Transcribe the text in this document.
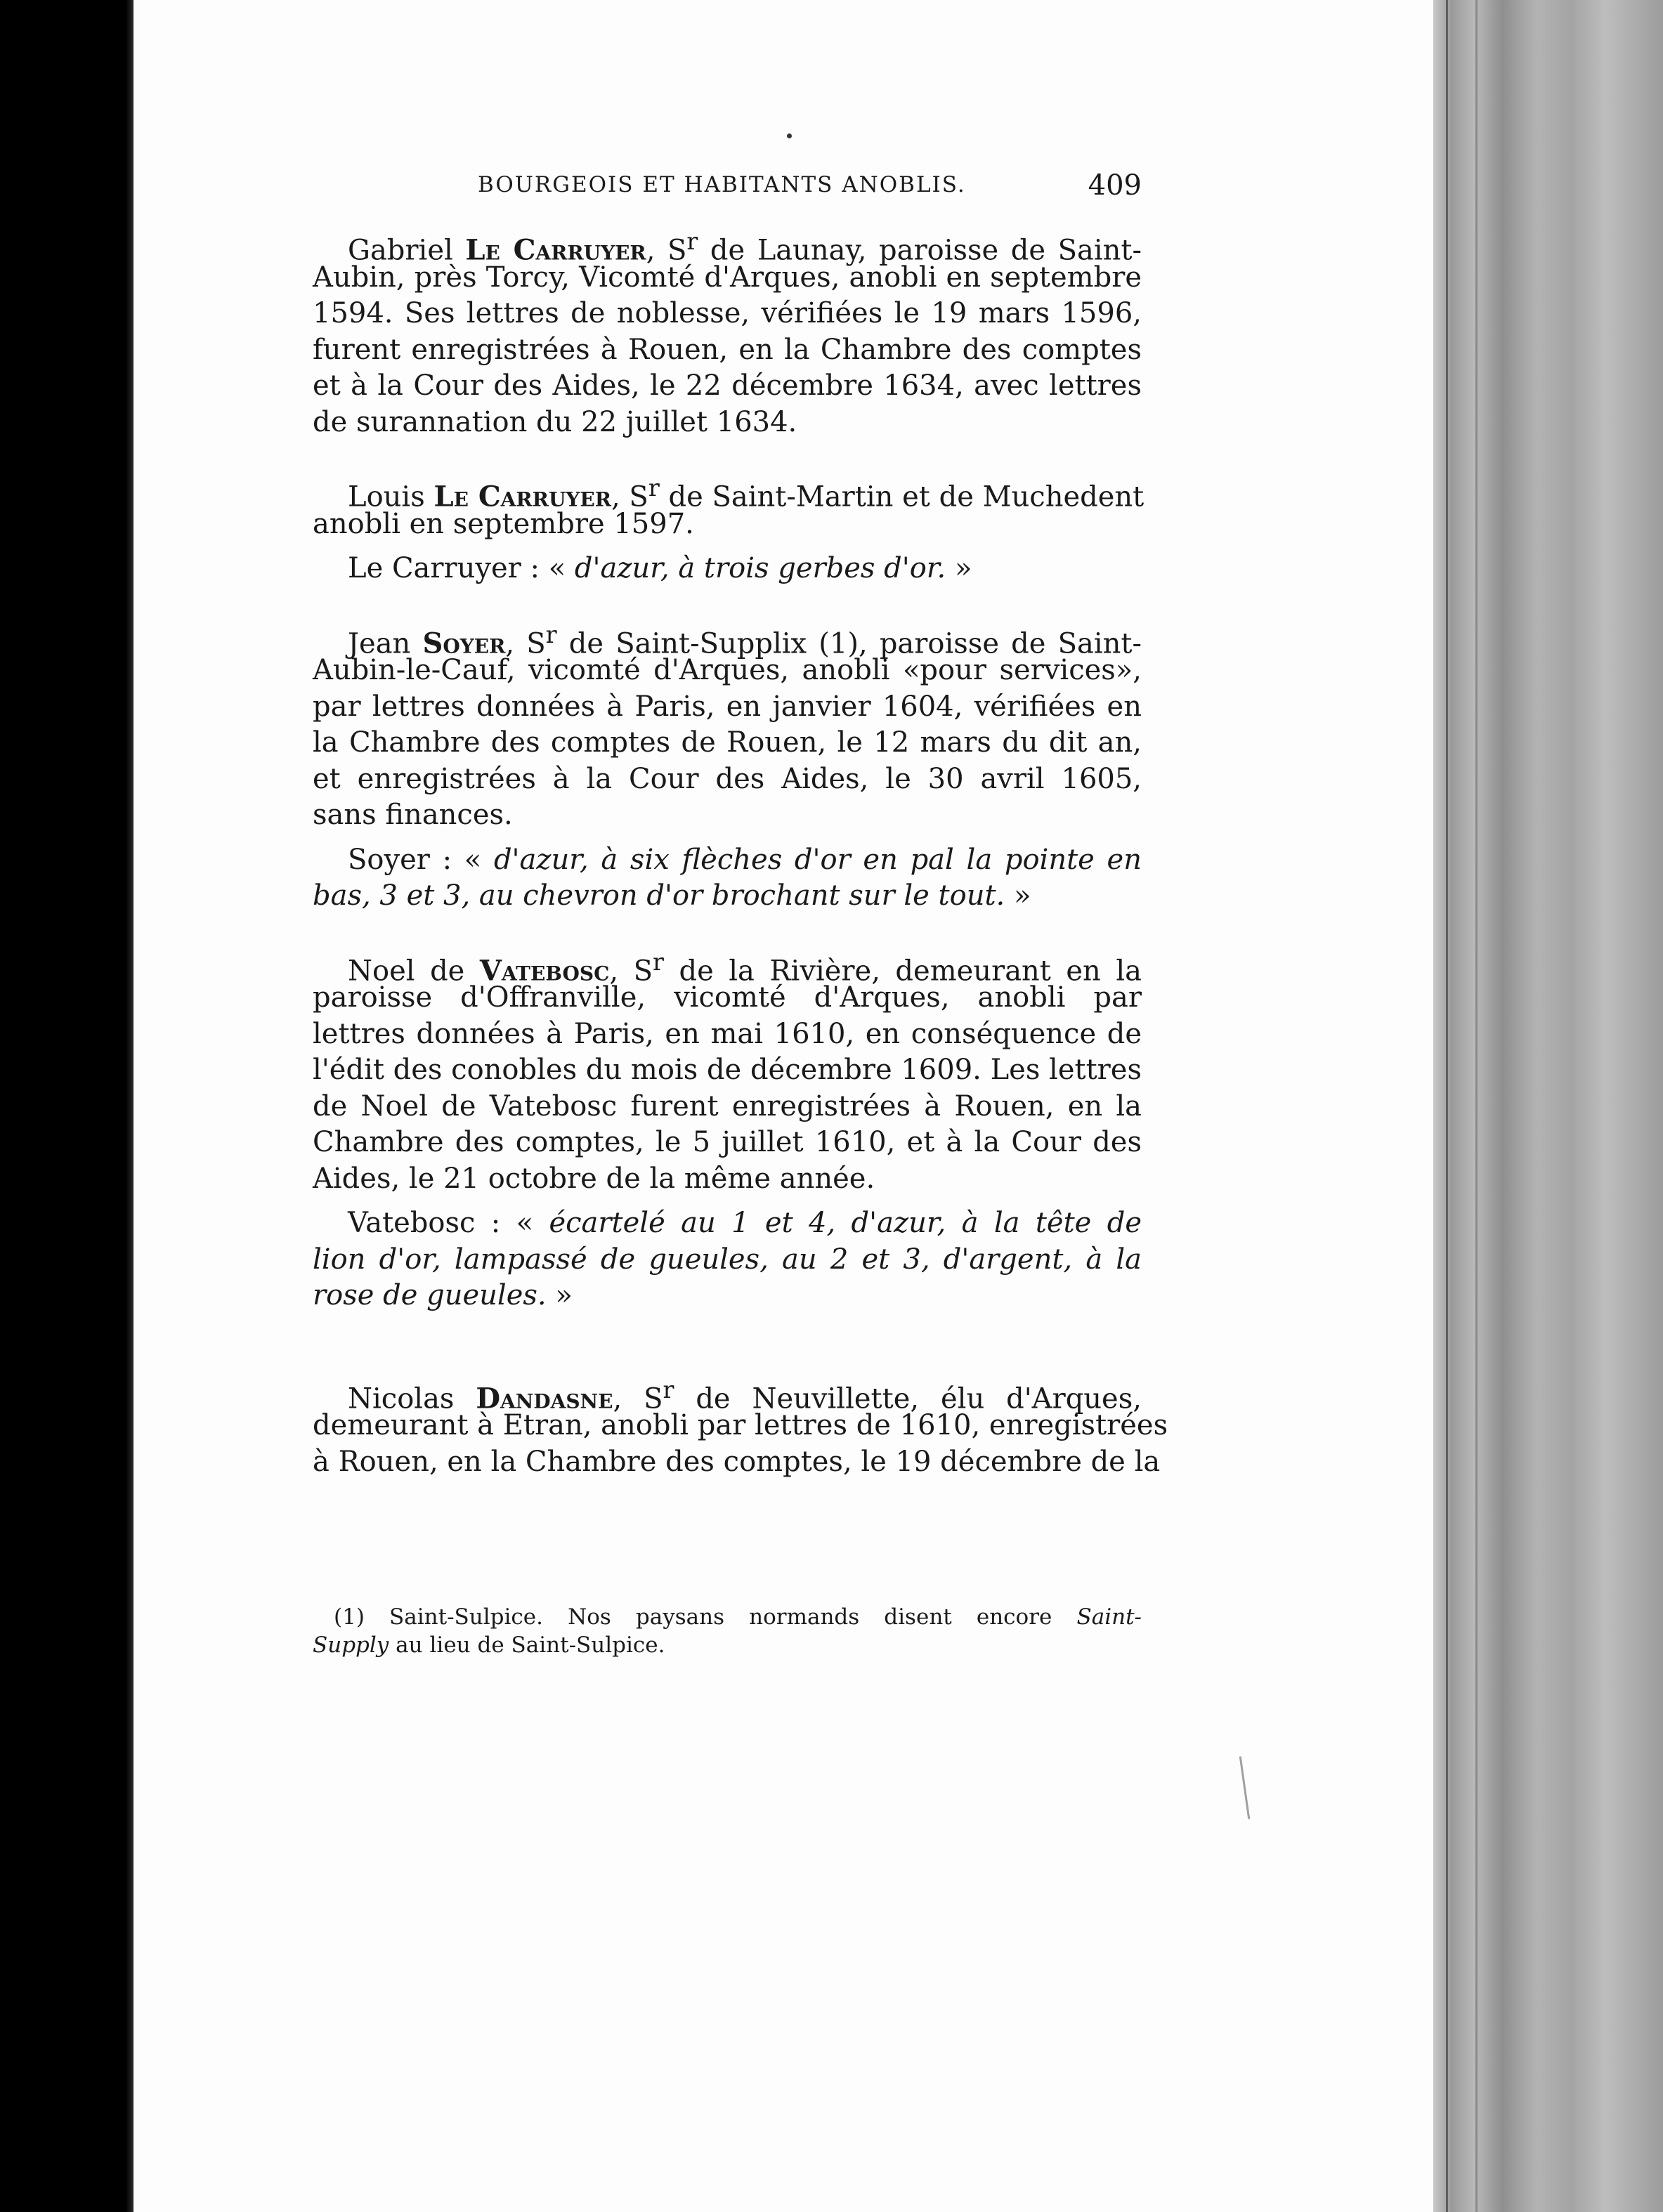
BOURGEOIS ET HABITANTS ANOBLIS.	409
Gabriel Le Carruyer, $S^r$ de Launay, paroisse de Saint-
Aubin, près Torcy, Vicomté d'Arques, anobli en septembre
1594. Ses lettres de noblesse, vérifiées le 19 mars 1596,
furent enregistrées à Rouen, en la Chambre des comptes
et à la Cour des Aides, le 22 décembre 1634, avec lettres
de surannation du 22 juillet 1634.
Louis Le Carruyer, $S^r$ de Saint-Martin et de Muchedent
anobli en septembre 1597.
Le Carruyer : « d'azur, à trois gerbes d'or. »
Jean Soyer, $S^r$ de Saint-Supplix (1), paroisse de Saint-
Aubin-le-Cauf, vicomté d'Arques, anobli «pour services»,
par lettres données à Paris, en janvier 1604, vérifiées en
la Chambre des comptes de Rouen, le 12 mars du dit an,
et enregistrées à la Cour des Aides, le 30 avril 1605,
sans finances.
Soyer : « d'azur, à six flèches d'or en pal la pointe en
bas, 3 et 3, au chevron d'or brochant sur le tout. »
Noel de Vatebosc, $S^r$ de la Rivière, demeurant en la
paroisse d'Offranville, vicomté d'Arques, anobli par
lettres données à Paris, en mai 1610, en conséquence de
l'édit des conobles du mois de décembre 1609. Les lettres
de Noel de Vatebosc furent enregistrées à Rouen, en la
Chambre des comptes, le 5 juillet 1610, et à la Cour des
Aides, le 21 octobre de la même année.
Vatebosc : « écartelé au 1 et 4, d'azur, à la tête de
lion d'or, lampassé de gueules, au 2 et 3, d'argent, à la
rose de gueules. »
Nicolas Dandasne, $S^r$ de Neuvillette, élu d'Arques,
demeurant à Etran, anobli par lettres de 1610, enregistrées
à Rouen, en la Chambre des comptes, le 19 décembre de la
(1) Saint-Sulpice. Nos paysans normands disent encore Saint-
Supply au lieu de Saint-Sulpice.
